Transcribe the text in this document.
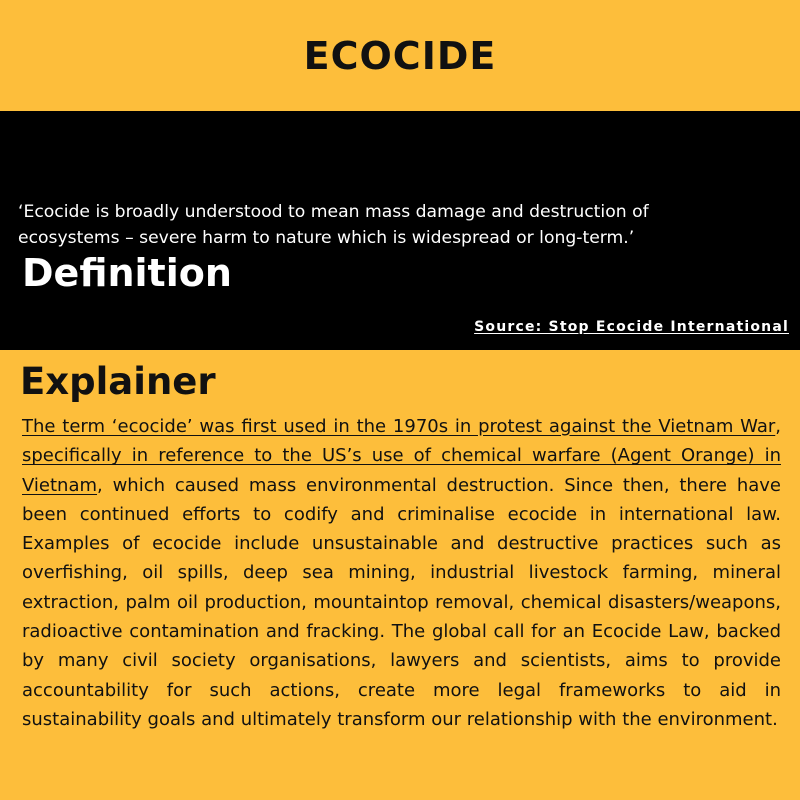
ECOCIDE
Definition

‘Ecocide is broadly understood to mean mass damage and destruction of ecosystems – severe harm to nature which is widespread or long-term.’

Source: Stop Ecocide International

Explainer

The term ‘ecocide’ was first used in the 1970s in protest against the Vietnam War, specifically in reference to the US’s use of chemical warfare (Agent Orange) in Vietnam, which caused mass environmental destruction. Since then, there have been continued efforts to codify and criminalise ecocide in international law. Examples of ecocide include unsustainable and destructive practices such as overfishing, oil spills, deep sea mining, industrial livestock farming, mineral extraction, palm oil production, mountaintop removal, chemical disasters/weapons, radioactive contamination and fracking. The global call for an Ecocide Law, backed by many civil society organisations, lawyers and scientists, aims to provide accountability for such actions, create more legal frameworks to aid in sustainability goals and ultimately transform our relationship with the environment.
